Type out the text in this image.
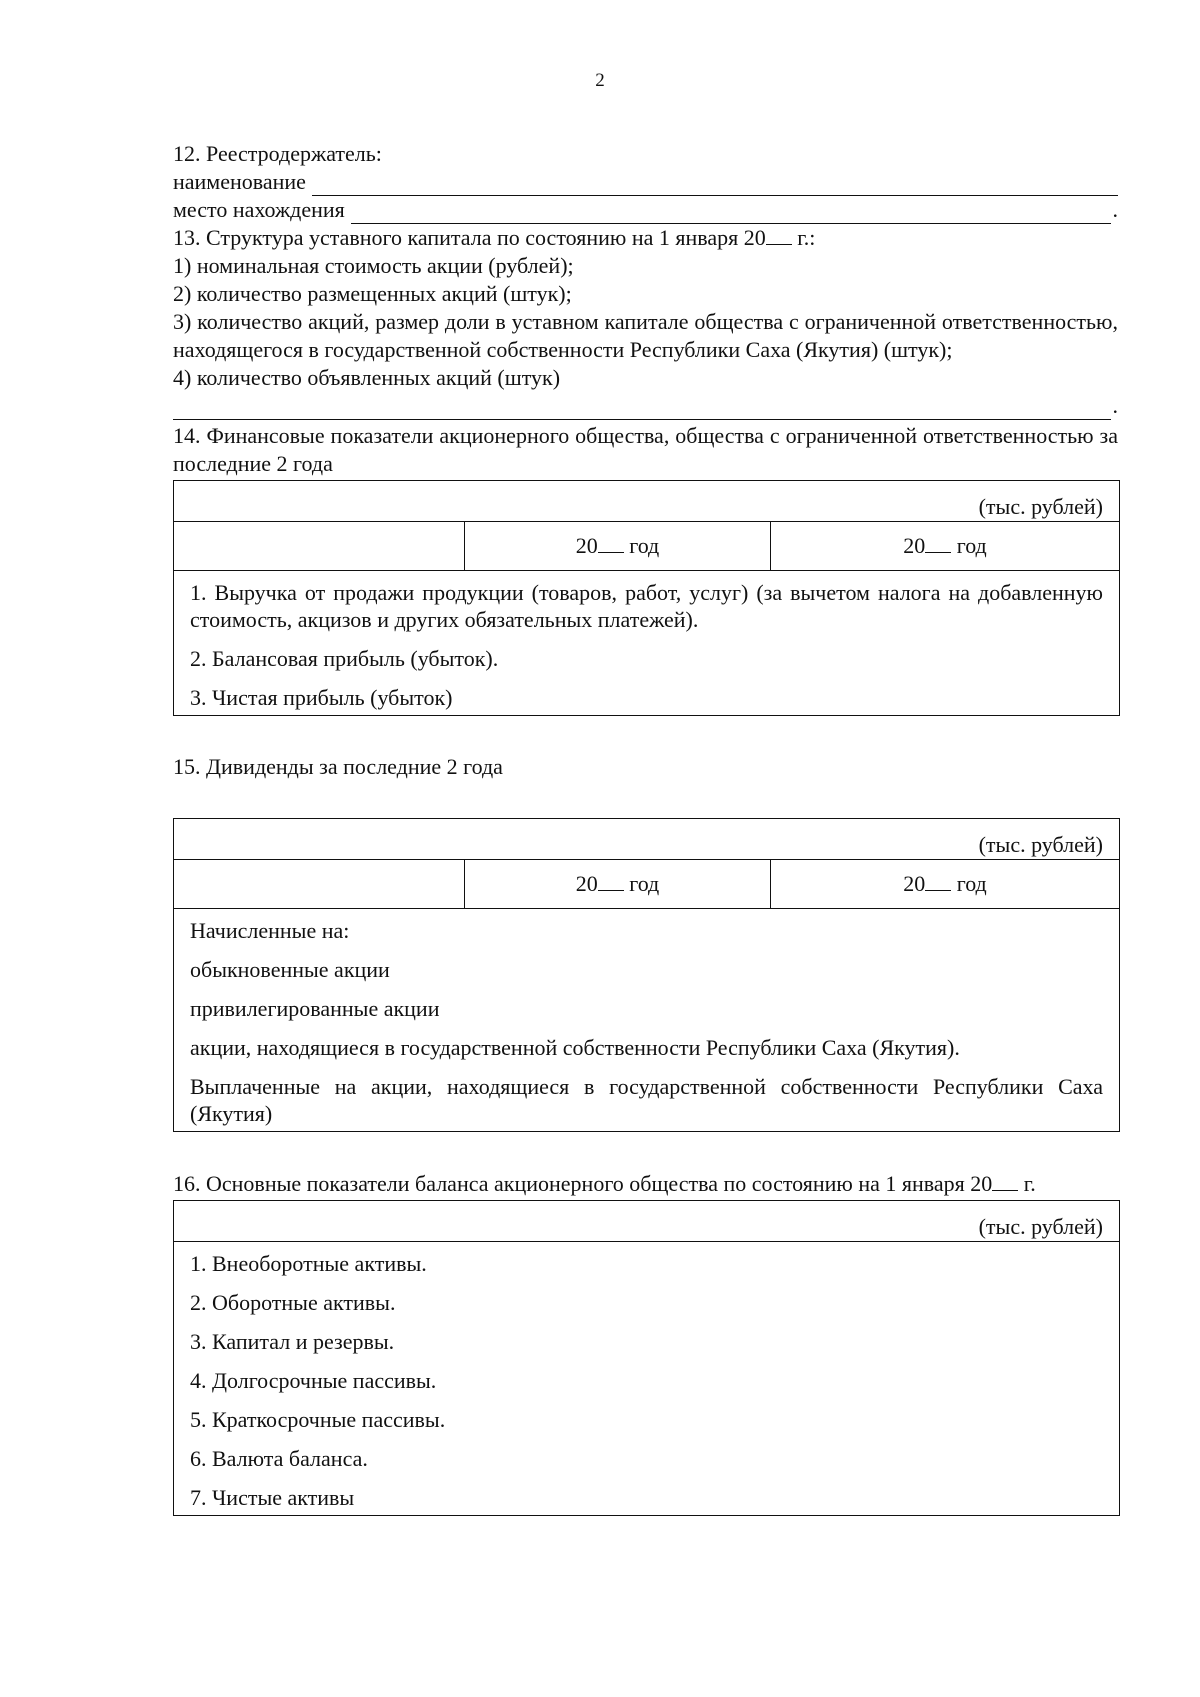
2
12. Реестродержатель:
наименование
место нахождения	.
13. Структура уставного капитала по состоянию на 1 января 20 г.:
1) номинальная стоимость акции (рублей);
2) количество размещенных акций (штук);
3) количество акций, размер доли в уставном капитале общества с ограниченной ответственностью, находящегося в государственной собственности Республики Саха (Якутия) (штук);
4) количество объявленных акций (штук)
.
14. Финансовые показатели акционерного общества, общества с ограниченной ответственностью за последние 2 года
(тыс. рублей)
	20 год	20 год

1. Выручка от продажи продукции (товаров, работ, услуг) (за вычетом налога на добавленную стоимость, акцизов и других обязательных платежей).
2. Балансовая прибыль (убыток).
3. Чистая прибыль (убыток)
15. Дивиденды за последние 2 года
(тыс. рублей)
	20 год	20 год

Начисленные на:
обыкновенные акции
привилегированные акции
акции, находящиеся в государственной собственности Республики Саха (Якутия).
Выплаченные на акции, находящиеся в государственной собственности Республики Саха (Якутия)
16. Основные показатели баланса акционерного общества по состоянию на 1 января 20 г.
(тыс. рублей)

1. Внеоборотные активы.
2. Оборотные активы.
3. Капитал и резервы.
4. Долгосрочные пассивы.
5. Краткосрочные пассивы.
6. Валюта баланса.
7. Чистые активы
